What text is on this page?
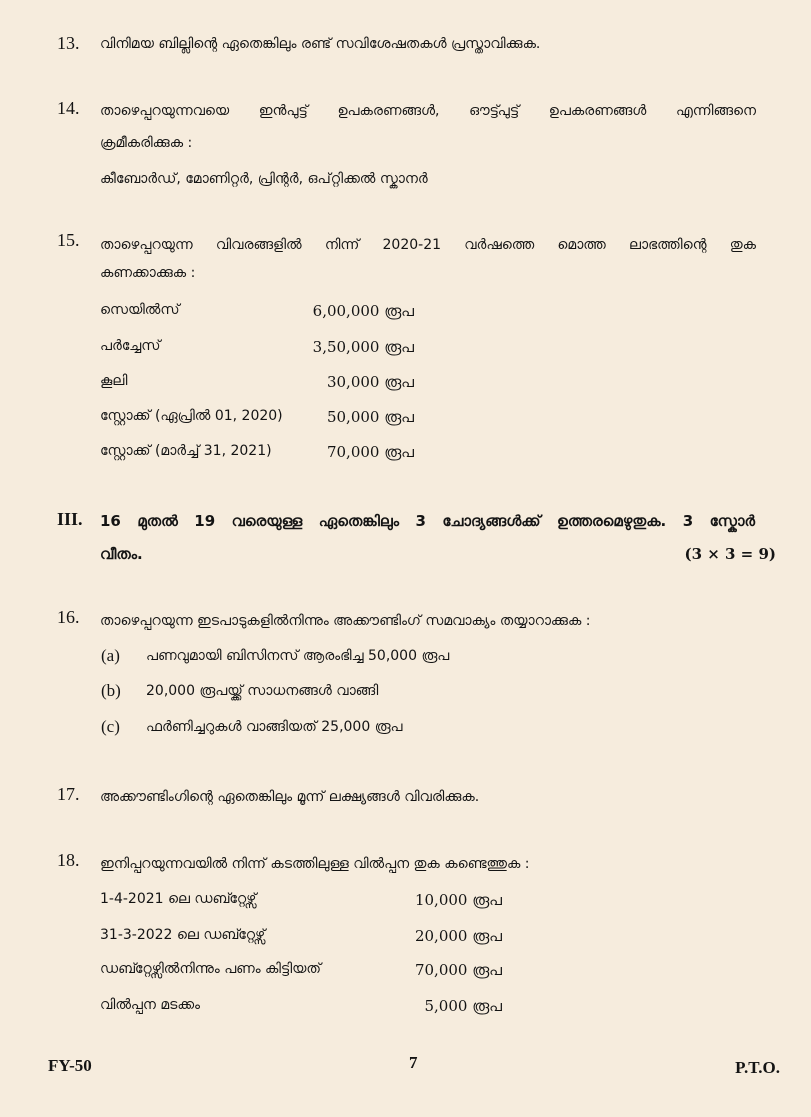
13. വിനിമയ ബില്ലിന്റെ ഏതെങ്കിലും രണ്ട് സവിശേഷതകൾ പ്രസ്താവിക്കുക.
14. താഴെപ്പറയുന്നവയെ ഇൻപുട്ട് ഉപകരണങ്ങൾ, ഔട്ട്പുട്ട് ഉപകരണങ്ങൾ എന്നിങ്ങനെ
ക്രമീകരിക്കുക :
കീബോർഡ്, മോണിറ്റർ, പ്രിന്റർ, ഒപ്റ്റിക്കൽ സ്കാനർ
15. താഴെപ്പറയുന്ന വിവരങ്ങളിൽ നിന്ന് 2020-21 വർഷത്തെ മൊത്ത ലാഭത്തിന്റെ തുക
കണക്കാക്കുക :
സെയിൽസ്	6,00,000 രൂപ
പർച്ചേസ്	3,50,000 രൂപ
കൂലി	30,000 രൂപ
സ്റ്റോക്ക് (ഏപ്രിൽ 01, 2020)	50,000 രൂപ
സ്റ്റോക്ക് (മാർച്ച് 31, 2021)	70,000 രൂപ
III. 16 മുതൽ 19 വരെയുള്ള ഏതെങ്കിലും 3 ചോദ്യങ്ങൾക്ക് ഉത്തരമെഴുതുക. 3 സ്കോർ
വീതം.	(3 × 3 = 9)
16. താഴെപ്പറയുന്ന ഇടപാടുകളിൽനിന്നും അക്കൗണ്ടിംഗ് സമവാക്യം തയ്യാറാക്കുക :
(a) പണവുമായി ബിസിനസ് ആരംഭിച്ച 50,000 രൂപ
(b) 20,000 രൂപയ്ക്ക് സാധനങ്ങൾ വാങ്ങി
(c) ഫർണിച്ചറുകൾ വാങ്ങിയത് 25,000 രൂപ
17. അക്കൗണ്ടിംഗിന്റെ ഏതെങ്കിലും മൂന്ന് ലക്ഷ്യങ്ങൾ വിവരിക്കുക.
18. ഇനിപ്പറയുന്നവയിൽ നിന്ന് കടത്തിലുള്ള വിൽപ്പന തുക കണ്ടെത്തുക :
1-4-2021 ലെ ഡബ്റ്റേഴ്സ്	10,000 രൂപ
31-3-2022 ലെ ഡബ്റ്റേഴ്സ്	20,000 രൂപ
ഡബ്റ്റേഴ്സിൽനിന്നും പണം കിട്ടിയത്	70,000 രൂപ
വിൽപ്പന മടക്കം	5,000 രൂപ
FY-50	7	P.T.O.
